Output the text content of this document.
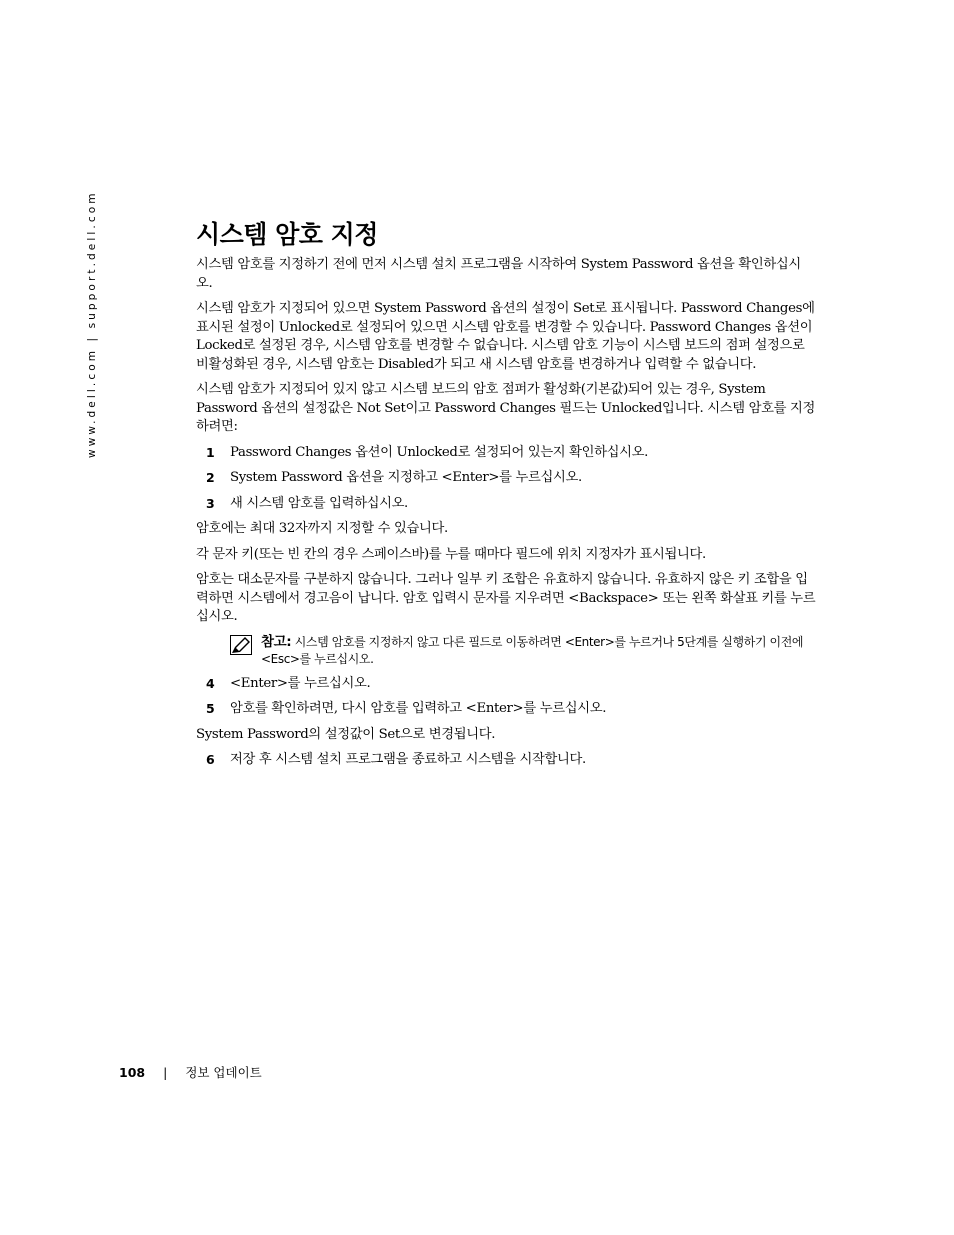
www.dell.com | support.dell.com	시스템 암호 지정

시스템 암호를 지정하기 전에 먼저 시스템 설치 프로그램을 시작하여 System Password 옵션을 확인하십시오.

시스템 암호가 지정되어 있으면 System Password 옵션의 설정이 Set로 표시됩니다. Password Changes에 표시된 설정이 Unlocked로 설정되어 있으면 시스템 암호를 변경할 수 있습니다. Password Changes 옵션이 Locked로 설정된 경우, 시스템 암호를 변경할 수 없습니다. 시스템 암호 기능이 시스템 보드의 점퍼 설정으로 비활성화된 경우, 시스템 암호는 Disabled가 되고 새 시스템 암호를 변경하거나 입력할 수 없습니다.

시스템 암호가 지정되어 있지 않고 시스템 보드의 암호 점퍼가 활성화(기본값)되어 있는 경우, System Password 옵션의 설정값은 Not Set이고 Password Changes 필드는 Unlocked입니다. 시스템 암호를 지정하려면:

1 Password Changes 옵션이 Unlocked로 설정되어 있는지 확인하십시오.
2 System Password 옵션을 지정하고 <Enter>를 누르십시오.
3 새 시스템 암호를 입력하십시오.

암호에는 최대 32자까지 지정할 수 있습니다.

각 문자 키(또는 빈 칸의 경우 스페이스바)를 누를 때마다 필드에 위치 지정자가 표시됩니다.

암호는 대소문자를 구분하지 않습니다. 그러나 일부 키 조합은 유효하지 않습니다. 유효하지 않은 키 조합을 입력하면 시스템에서 경고음이 납니다. 암호 입력시 문자를 지우려면 <Backspace> 또는 왼쪽 화살표 키를 누르십시오.

참고: 시스템 암호를 지정하지 않고 다른 필드로 이동하려면 <Enter>를 누르거나 5단계를 실행하기 이전에 <Esc>를 누르십시오.
4 <Enter>를 누르십시오.
5 암호를 확인하려면, 다시 암호를 입력하고 <Enter>를 누르십시오.

System Password의 설정값이 Set으로 변경됩니다.

6 저장 후 시스템 설치 프로그램을 종료하고 시스템을 시작합니다.
108 | 정보 업데이트
